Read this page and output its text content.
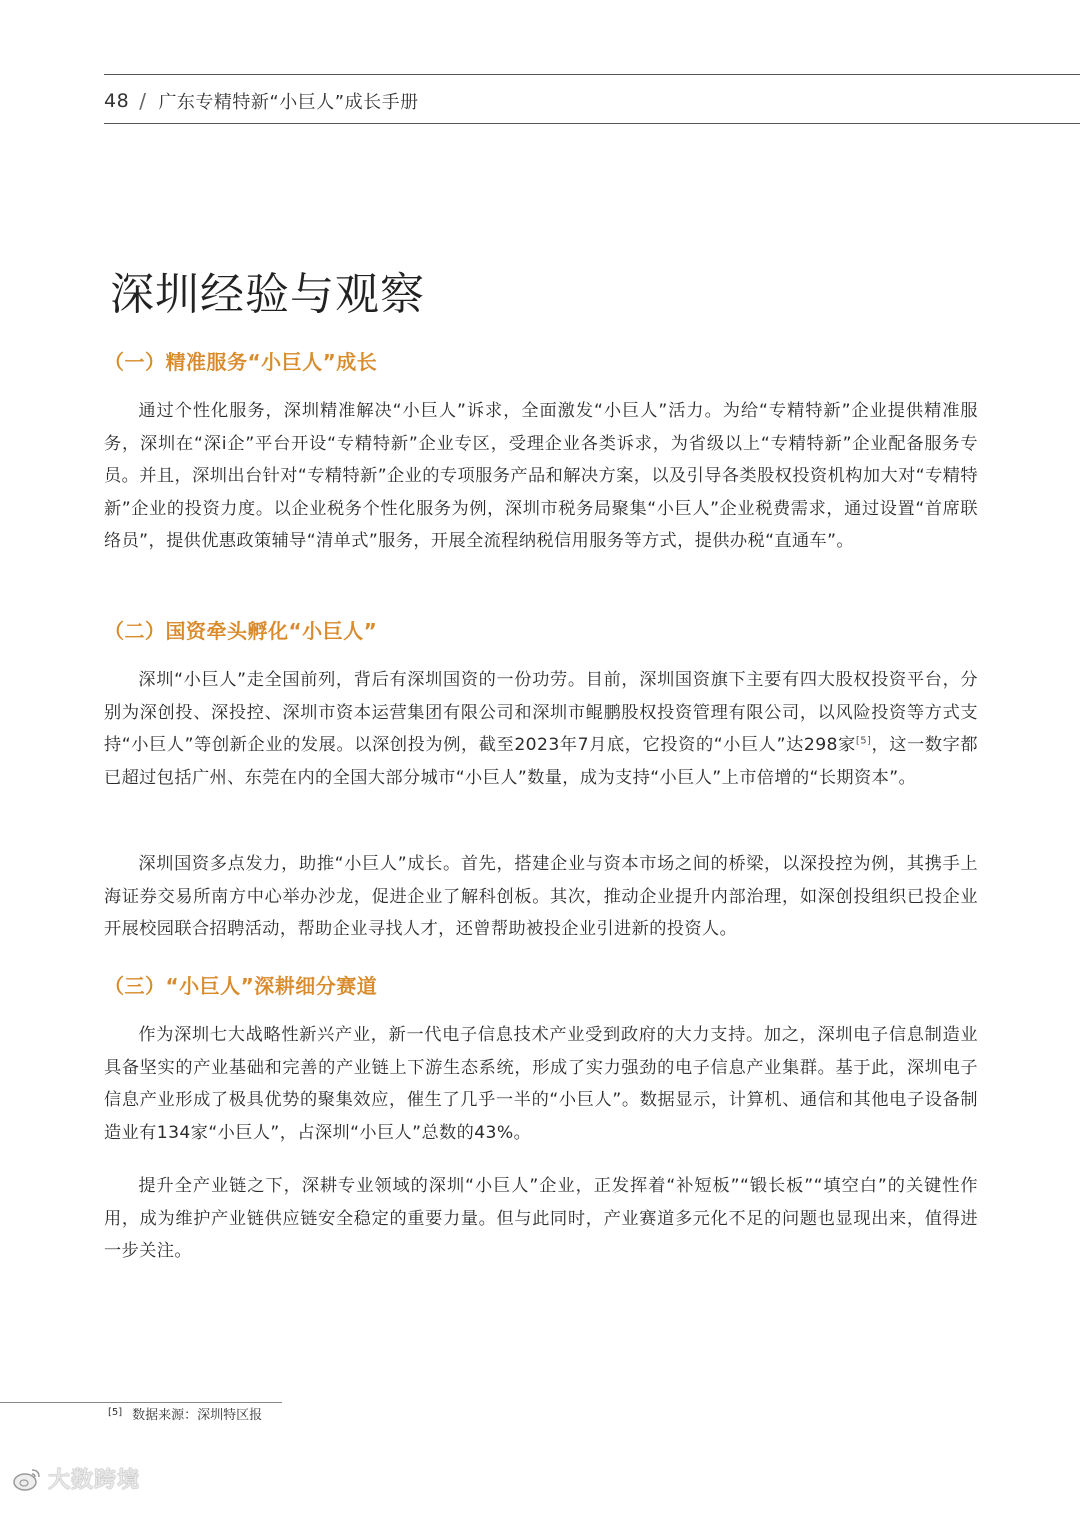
48 / 广东专精特新“小巨人”成长手册
深圳经验与观察
（一）精准服务“小巨人”成长

通过个性化服务，深圳精准解决“小巨人”诉求，全面激发“小巨人”活力。为给“专精特新”企业提供精准服务，深圳在“深i企”平台开设“专精特新”企业专区，受理企业各类诉求，为省级以上“专精特新”企业配备服务专员。并且，深圳出台针对“专精特新”企业的专项服务产品和解决方案，以及引导各类股权投资机构加大对“专精特新”企业的投资力度。以企业税务个性化服务为例，深圳市税务局聚集“小巨人”企业税费需求，通过设置“首席联络员”，提供优惠政策辅导“清单式”服务，开展全流程纳税信用服务等方式，提供办税“直通车”。

（二）国资牵头孵化“小巨人”

深圳“小巨人”走全国前列，背后有深圳国资的一份功劳。目前，深圳国资旗下主要有四大股权投资平台，分别为深创投、深投控、深圳市资本运营集团有限公司和深圳市鲲鹏股权投资管理有限公司，以风险投资等方式支持“小巨人”等创新企业的发展。以深创投为例，截至2023年7月底，它投资的“小巨人”达298家[5]，这一数字都已超过包括广州、东莞在内的全国大部分城市“小巨人”数量，成为支持“小巨人”上市倍增的“长期资本”。

深圳国资多点发力，助推“小巨人”成长。首先，搭建企业与资本市场之间的桥梁，以深投控为例，其携手上海证券交易所南方中心举办沙龙，促进企业了解科创板。其次，推动企业提升内部治理，如深创投组织已投企业开展校园联合招聘活动，帮助企业寻找人才，还曾帮助被投企业引进新的投资人。

（三）“小巨人”深耕细分赛道

作为深圳七大战略性新兴产业，新一代电子信息技术产业受到政府的大力支持。加之，深圳电子信息制造业具备坚实的产业基础和完善的产业链上下游生态系统，形成了实力强劲的电子信息产业集群。基于此，深圳电子信息产业形成了极具优势的聚集效应，催生了几乎一半的“小巨人”。数据显示，计算机、通信和其他电子设备制造业有134家“小巨人”，占深圳“小巨人”总数的43%。

提升全产业链之下，深耕专业领域的深圳“小巨人”企业，正发挥着“补短板”“锻长板”“填空白”的关键性作用，成为维护产业链供应链安全稳定的重要力量。但与此同时，产业赛道多元化不足的问题也显现出来，值得进一步关注。

[5] 数据来源：深圳特区报
大数跨境
